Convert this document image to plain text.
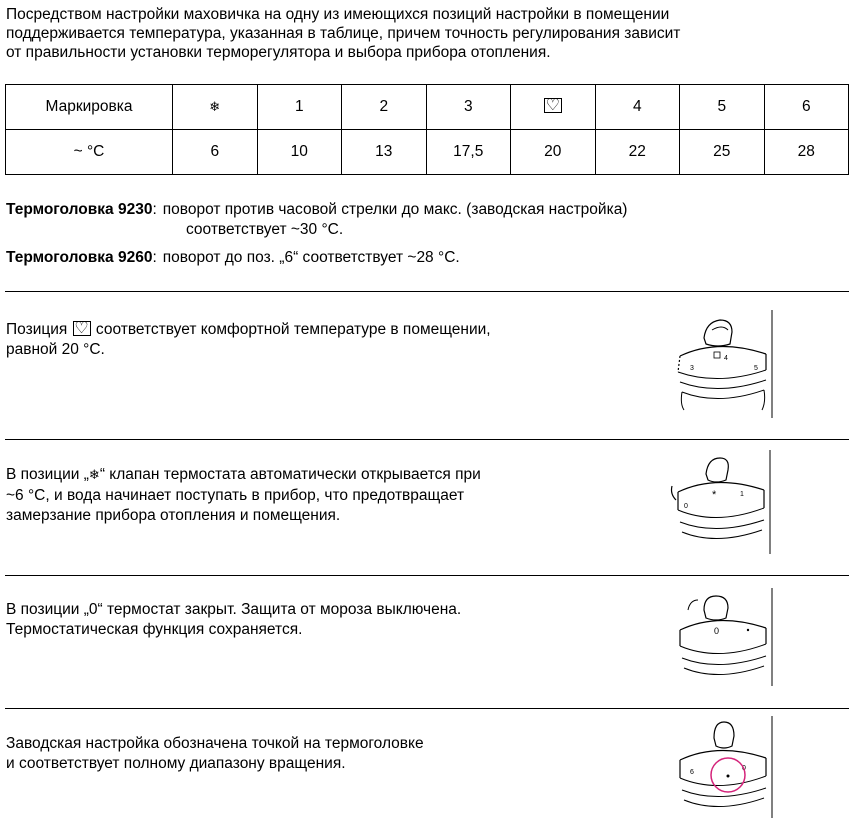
Посредством настройки маховичка на одну из имеющихся позиций настройки в помещении
поддерживается температура, указанная в таблице, причем точность регулирования зависит
от правильности установки терморегулятора и выбора прибора отопления.
Маркировка	❄	1	2	3	♡	4	5	6
~ °C	6	10	13	17,5	20	22	25	28
Термоголовка 9230 : поворот против часовой стрелки до макс. (заводская настройка)
соответствует ~30 °C.
Термоголовка 9260 : поворот до поз. „6“ соответствует ~28 °C.
Позиция ♡ соответствует комфортной температуре в помещении,
равной 20 °C.
В позиции „❄“ клапан термостата автоматически открывается при
~6 °C, и вода начинает поступать в прибор, что предотвращает
замерзание прибора отопления и помещения.
В позиции „0“ термостат закрыт. Защита от мороза выключена.
Термостатическая функция сохраняется.
Заводская настройка обозначена точкой на термоголовке
и соответствует полному диапазону вращения.
3
4
5
0
*	1
0
6
0
